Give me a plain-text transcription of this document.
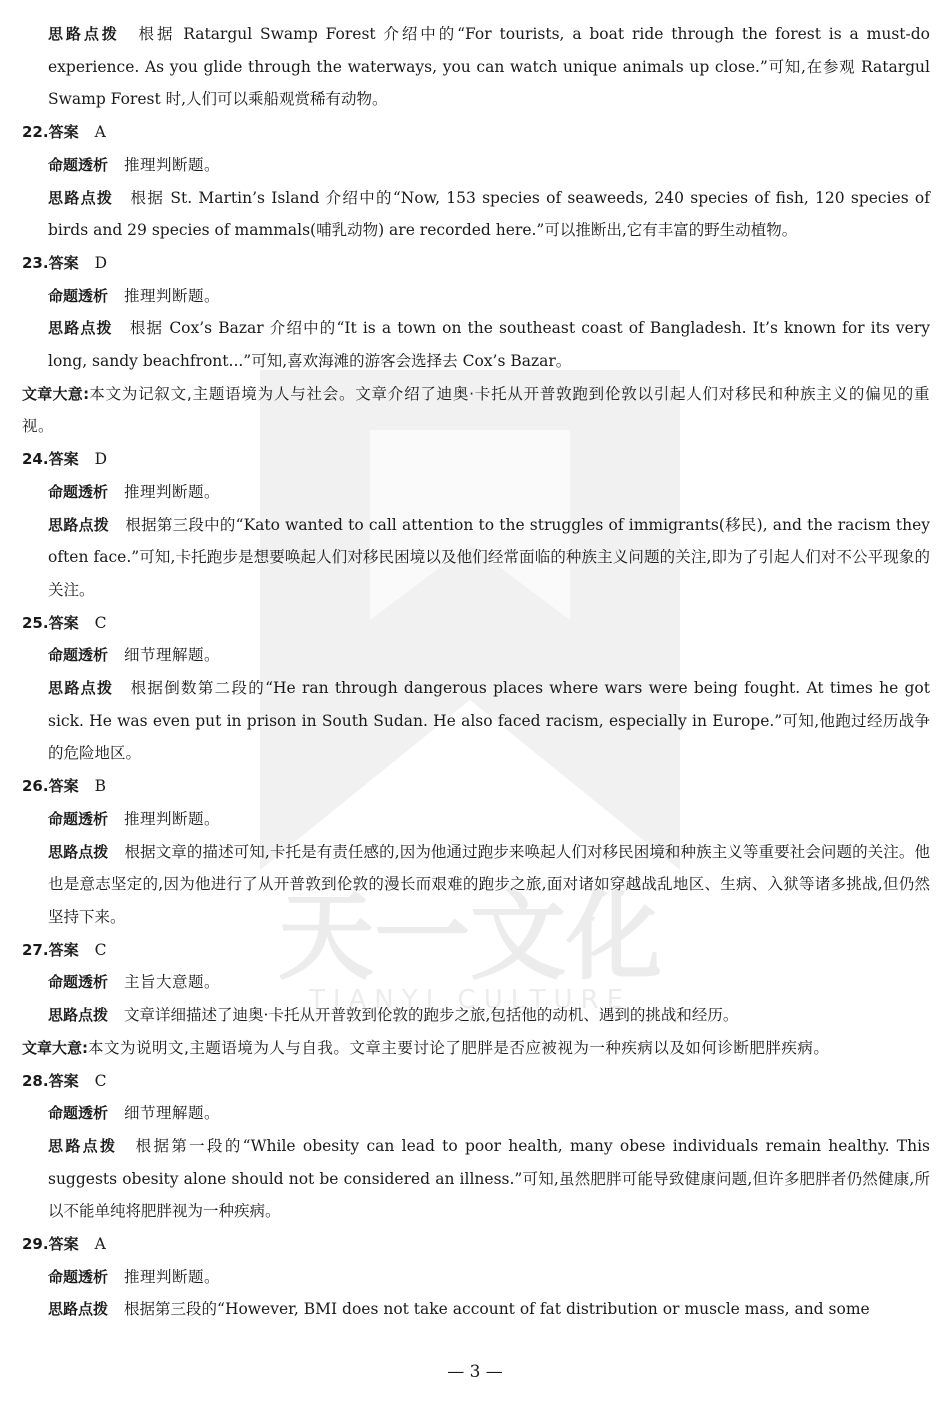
天一文化
TIANYI CULTURE
思路点拨 根据 Ratargul Swamp Forest 介绍中的“For tourists, a boat ride through the forest is a must-do experience. As you glide through the waterways, you can watch unique animals up close.”可知,在参观 Ratargul Swamp Forest 时,人们可以乘船观赏稀有动物。
22.答案 A
命题透析 推理判断题。
思路点拨 根据 St. Martin’s Island 介绍中的“Now, 153 species of seaweeds, 240 species of fish, 120 species of birds and 29 species of mammals(哺乳动物) are recorded here.”可以推断出,它有丰富的野生动植物。
23.答案 D
命题透析 推理判断题。
思路点拨 根据 Cox’s Bazar 介绍中的“It is a town on the southeast coast of Bangladesh. It’s known for its very long, sandy beachfront...”可知,喜欢海滩的游客会选择去 Cox’s Bazar。
文章大意:本文为记叙文,主题语境为人与社会。文章介绍了迪奥·卡托从开普敦跑到伦敦以引起人们对移民和种族主义的偏见的重视。
24.答案 D
命题透析 推理判断题。
思路点拨 根据第三段中的“Kato wanted to call attention to the struggles of immigrants(移民), and the racism they often face.”可知,卡托跑步是想要唤起人们对移民困境以及他们经常面临的种族主义问题的关注,即为了引起人们对不公平现象的关注。
25.答案 C
命题透析 细节理解题。
思路点拨 根据倒数第二段的“He ran through dangerous places where wars were being fought. At times he got sick. He was even put in prison in South Sudan. He also faced racism, especially in Europe.”可知,他跑过经历战争的危险地区。
26.答案 B
命题透析 推理判断题。
思路点拨 根据文章的描述可知,卡托是有责任感的,因为他通过跑步来唤起人们对移民困境和种族主义等重要社会问题的关注。他也是意志坚定的,因为他进行了从开普敦到伦敦的漫长而艰难的跑步之旅,面对诸如穿越战乱地区、生病、入狱等诸多挑战,但仍然坚持下来。
27.答案 C
命题透析 主旨大意题。
思路点拨 文章详细描述了迪奥·卡托从开普敦到伦敦的跑步之旅,包括他的动机、遇到的挑战和经历。
文章大意:本文为说明文,主题语境为人与自我。文章主要讨论了肥胖是否应被视为一种疾病以及如何诊断肥胖疾病。
28.答案 C
命题透析 细节理解题。
思路点拨 根据第一段的“While obesity can lead to poor health, many obese individuals remain healthy. This suggests obesity alone should not be considered an illness.”可知,虽然肥胖可能导致健康问题,但许多肥胖者仍然健康,所以不能单纯将肥胖视为一种疾病。
29.答案 A
命题透析 推理判断题。
思路点拨 根据第三段的“However, BMI does not take account of fat distribution or muscle mass, and some
— 3 —
